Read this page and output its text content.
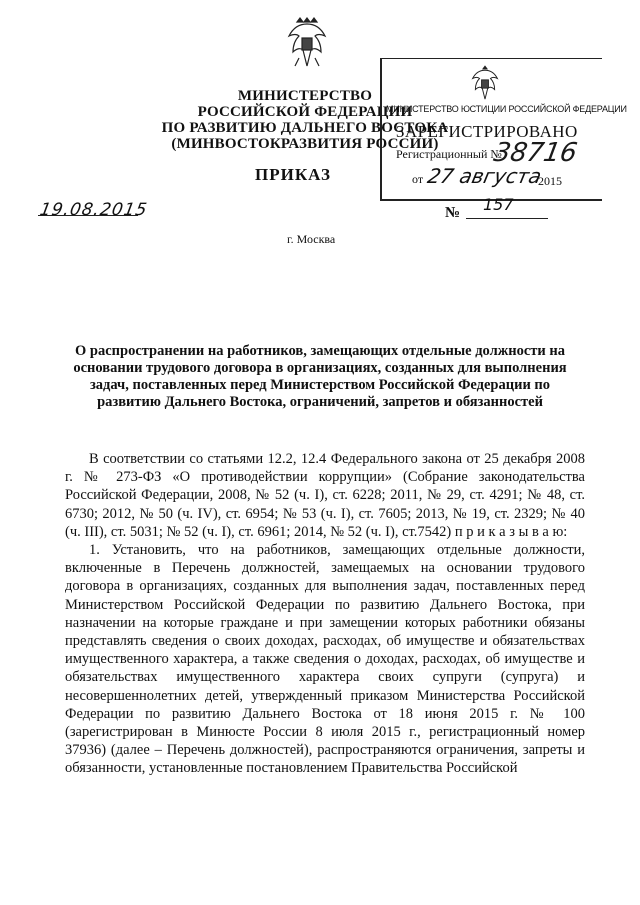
МИНИСТЕРСТВО
РОССИЙСКОЙ ФЕДЕРАЦИИ
ПО РАЗВИТИЮ ДАЛЬНЕГО ВОСТОКА
(МИНВОСТОКРАЗВИТИЯ РОССИИ)
ПРИКАЗ
МИНИСТЕРСТВО ЮСТИЦИИ РОССИЙСКОЙ ФЕДЕРАЦИИ
ЗАРЕГИСТРИРОВАНО
Регистрационный №
38716
от 27 августа
2015
19.08.2015	№ 157
г. Москва
О распространении на работников, замещающих отдельные должности на основании трудового договора в организациях, созданных для выполнения задач, поставленных перед Министерством Российской Федерации по развитию Дальнего Востока, ограничений, запретов и обязанностей

В соответствии со статьями 12.2, 12.4 Федерального закона от 25 декабря 2008 г. № 273-ФЗ «О противодействии коррупции» (Собрание законодательства Российской Федерации, 2008, № 52 (ч. I), ст. 6228; 2011, № 29, ст. 4291; № 48, ст. 6730; 2012, № 50 (ч. IV), ст. 6954; № 53 (ч. I), ст. 7605; 2013, № 19, ст. 2329; № 40 (ч. III), ст. 5031; № 52 (ч. I), ст. 6961; 2014, № 52 (ч. I), ст.7542) п р и к а з ы в а ю:

1. Установить, что на работников, замещающих отдельные должности, включенные в Перечень должностей, замещаемых на основании трудового договора в организациях, созданных для выполнения задач, поставленных перед Министерством Российской Федерации по развитию Дальнего Востока, при назначении на которые граждане и при замещении которых работники обязаны представлять сведения о своих доходах, расходах, об имуществе и обязательствах имущественного характера, а также сведения о доходах, расходах, об имуществе и обязательствах имущественного характера своих супруги (супруга) и несовершеннолетних детей, утвержденный приказом Министерства Российской Федерации по развитию Дальнего Востока от 18 июня 2015 г. № 100 (зарегистрирован в Минюсте России 8 июля 2015 г., регистрационный номер 37936) (далее – Перечень должностей), распространяются ограничения, запреты и обязанности, установленные постановлением Правительства Российской
